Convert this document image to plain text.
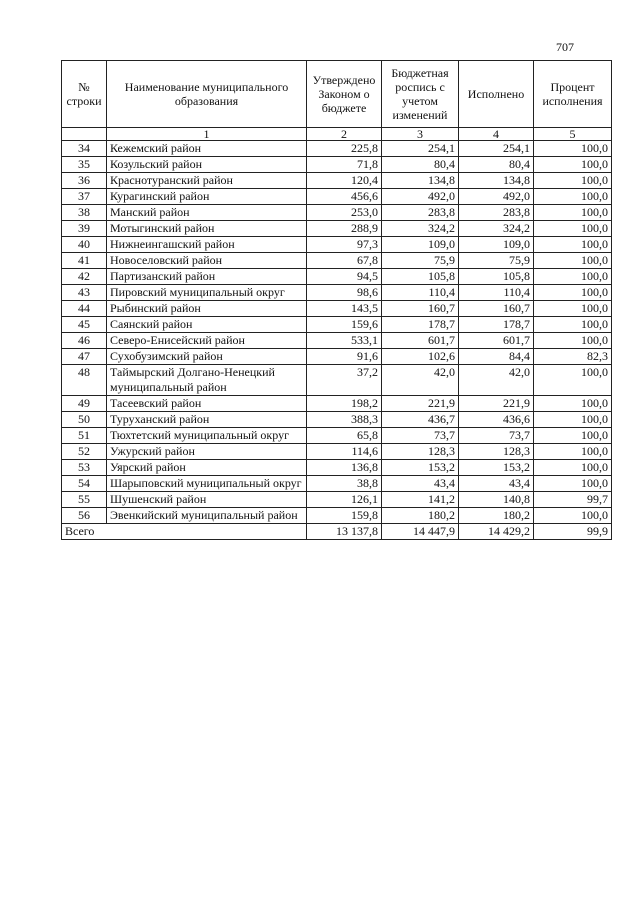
707
№ строки	Наименование муниципального образования	Утверждено Законом о бюджете	Бюджетная роспись с учетом изменений	Исполнено	Процент исполнения
	1	2	3	4	5
34	Кежемский район	225,8	254,1	254,1	100,0
35	Козульский район	71,8	80,4	80,4	100,0
36	Краснотуранский район	120,4	134,8	134,8	100,0
37	Курагинский район	456,6	492,0	492,0	100,0
38	Манский район	253,0	283,8	283,8	100,0
39	Мотыгинский район	288,9	324,2	324,2	100,0
40	Нижнеингашский район	97,3	109,0	109,0	100,0
41	Новоселовский район	67,8	75,9	75,9	100,0
42	Партизанский район	94,5	105,8	105,8	100,0
43	Пировский муниципальный округ	98,6	110,4	110,4	100,0
44	Рыбинский район	143,5	160,7	160,7	100,0
45	Саянский район	159,6	178,7	178,7	100,0
46	Северо-Енисейский район	533,1	601,7	601,7	100,0
47	Сухобузимский район	91,6	102,6	84,4	82,3
48	Таймырский Долгано-Ненецкий муниципальный район	37,2	42,0	42,0	100,0
49	Тасеевский район	198,2	221,9	221,9	100,0
50	Туруханский район	388,3	436,7	436,6	100,0
51	Тюхтетский муниципальный округ	65,8	73,7	73,7	100,0
52	Ужурский район	114,6	128,3	128,3	100,0
53	Уярский район	136,8	153,2	153,2	100,0
54	Шарыповский муниципальный округ	38,8	43,4	43,4	100,0
55	Шушенский район	126,1	141,2	140,8	99,7
56	Эвенкийский муниципальный район	159,8	180,2	180,2	100,0
Всего		13 137,8	14 447,9	14 429,2	99,9
